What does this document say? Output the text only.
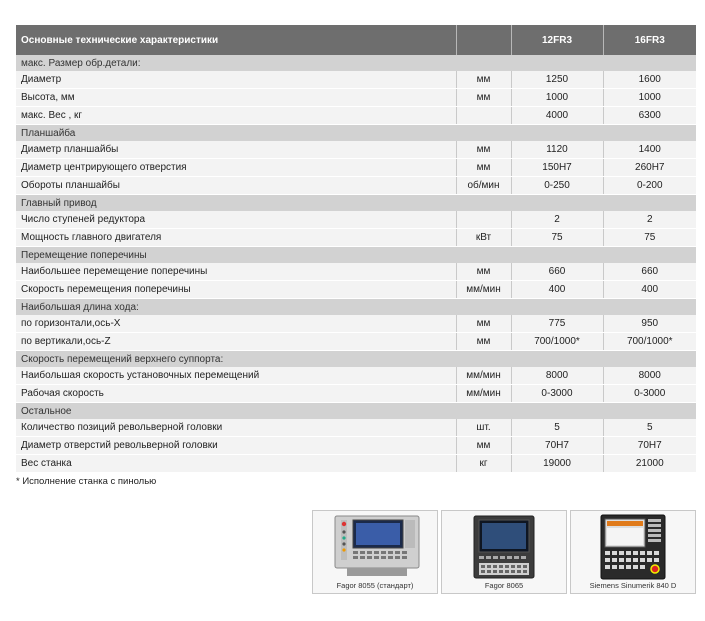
Основные технические характеристики		12FR3	16FR3
макс. Размер обр.детали:			
Диаметр	мм	1250	1600
Высота, мм	мм	1000	1000
макс. Вес , кг		4000	6300
Планшайба			
Диаметр планшайбы	мм	1120	1400
Диаметр центрирующего отверстия	мм	150H7	260H7
Обороты планшайбы	об/мин	0-250	0-200
Главный привод			
Число ступеней редуктора		2	2
Мощность главного двигателя	кВт	75	75
Перемещение поперечины			
Наибольшее перемещение поперечины	мм	660	660
Скорость перемещения поперечины	мм/мин	400	400
Наибольшая длина хода:			
по горизонтали,ось-X	мм	775	950
по вертикали,ось-Z	мм	700/1000*	700/1000*
Скорость перемещений верхнего суппорта:			
Наибольшая скорость установочных перемещений	мм/мин	8000	8000
Рабочая скорость	мм/мин	0-3000	0-3000
Остальное			
Количество позиций револьверной головки	шт.	5	5
Диаметр отверстий револьверной головки	мм	70H7	70H7
Вес станка	кг	19000	21000
* Исполнение станка с пинолью
Fagor 8055 (стандарт)	Fagor 8065	Siemens Sinumerik 840 D
